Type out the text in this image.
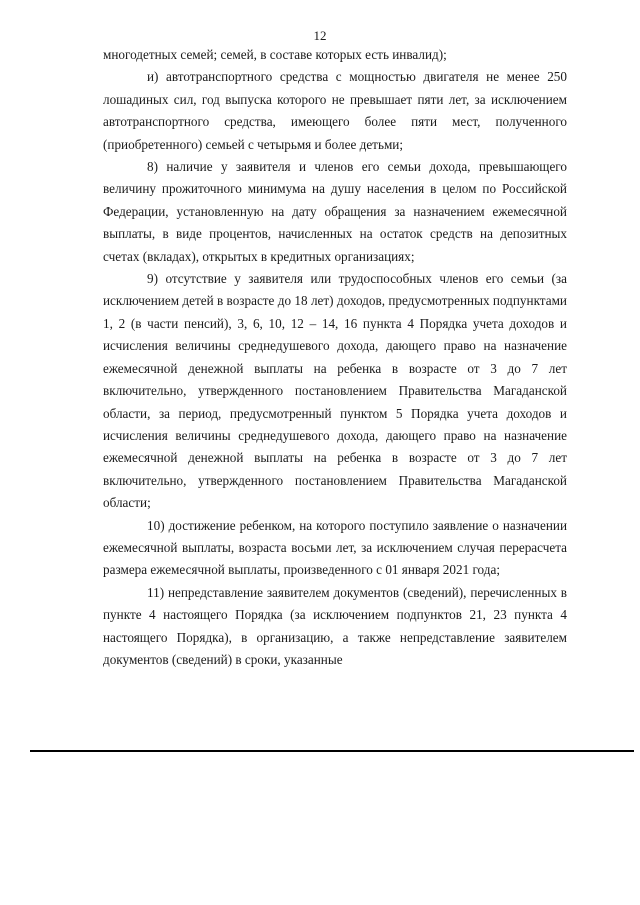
12

многодетных семей; семей, в составе которых есть инвалид);

и) автотранспортного средства с мощностью двигателя не менее 250 лошадиных сил, год выпуска которого не превышает пяти лет, за исключением автотранспортного средства, имеющего более пяти мест, полученного (приобретенного) семьей с четырьмя и более детьми;

8) наличие у заявителя и членов его семьи дохода, превышающего величину прожиточного минимума на душу населения в целом по Российской Федерации, установленную на дату обращения за назначением ежемесячной выплаты, в виде процентов, начисленных на остаток средств на депозитных счетах (вкладах), открытых в кредитных организациях;

9) отсутствие у заявителя или трудоспособных членов его семьи (за исключением детей в возрасте до 18 лет) доходов, предусмотренных подпунктами 1, 2 (в части пенсий), 3, 6, 10, 12 – 14, 16 пункта 4 Порядка учета доходов и исчисления величины среднедушевого дохода, дающего право на назначение ежемесячной денежной выплаты на ребенка в возрасте от 3 до 7 лет включительно, утвержденного постановлением Правительства Магаданской области, за период, предусмотренный пунктом 5 Порядка учета доходов и исчисления величины среднедушевого дохода, дающего право на назначение ежемесячной денежной выплаты на ребенка в возрасте от 3 до 7 лет включительно, утвержденного постановлением Правительства Магаданской области;

10) достижение ребенком, на которого поступило заявление о назначении ежемесячной выплаты, возраста восьми лет, за исключением случая перерасчета размера ежемесячной выплаты, произведенного с 01 января 2021 года;

11) непредставление заявителем документов (сведений), перечисленных в пункте 4 настоящего Порядка (за исключением подпунктов 21, 23 пункта 4 настоящего Порядка), в организацию, а также непредставление заявителем документов (сведений) в сроки, указанные
